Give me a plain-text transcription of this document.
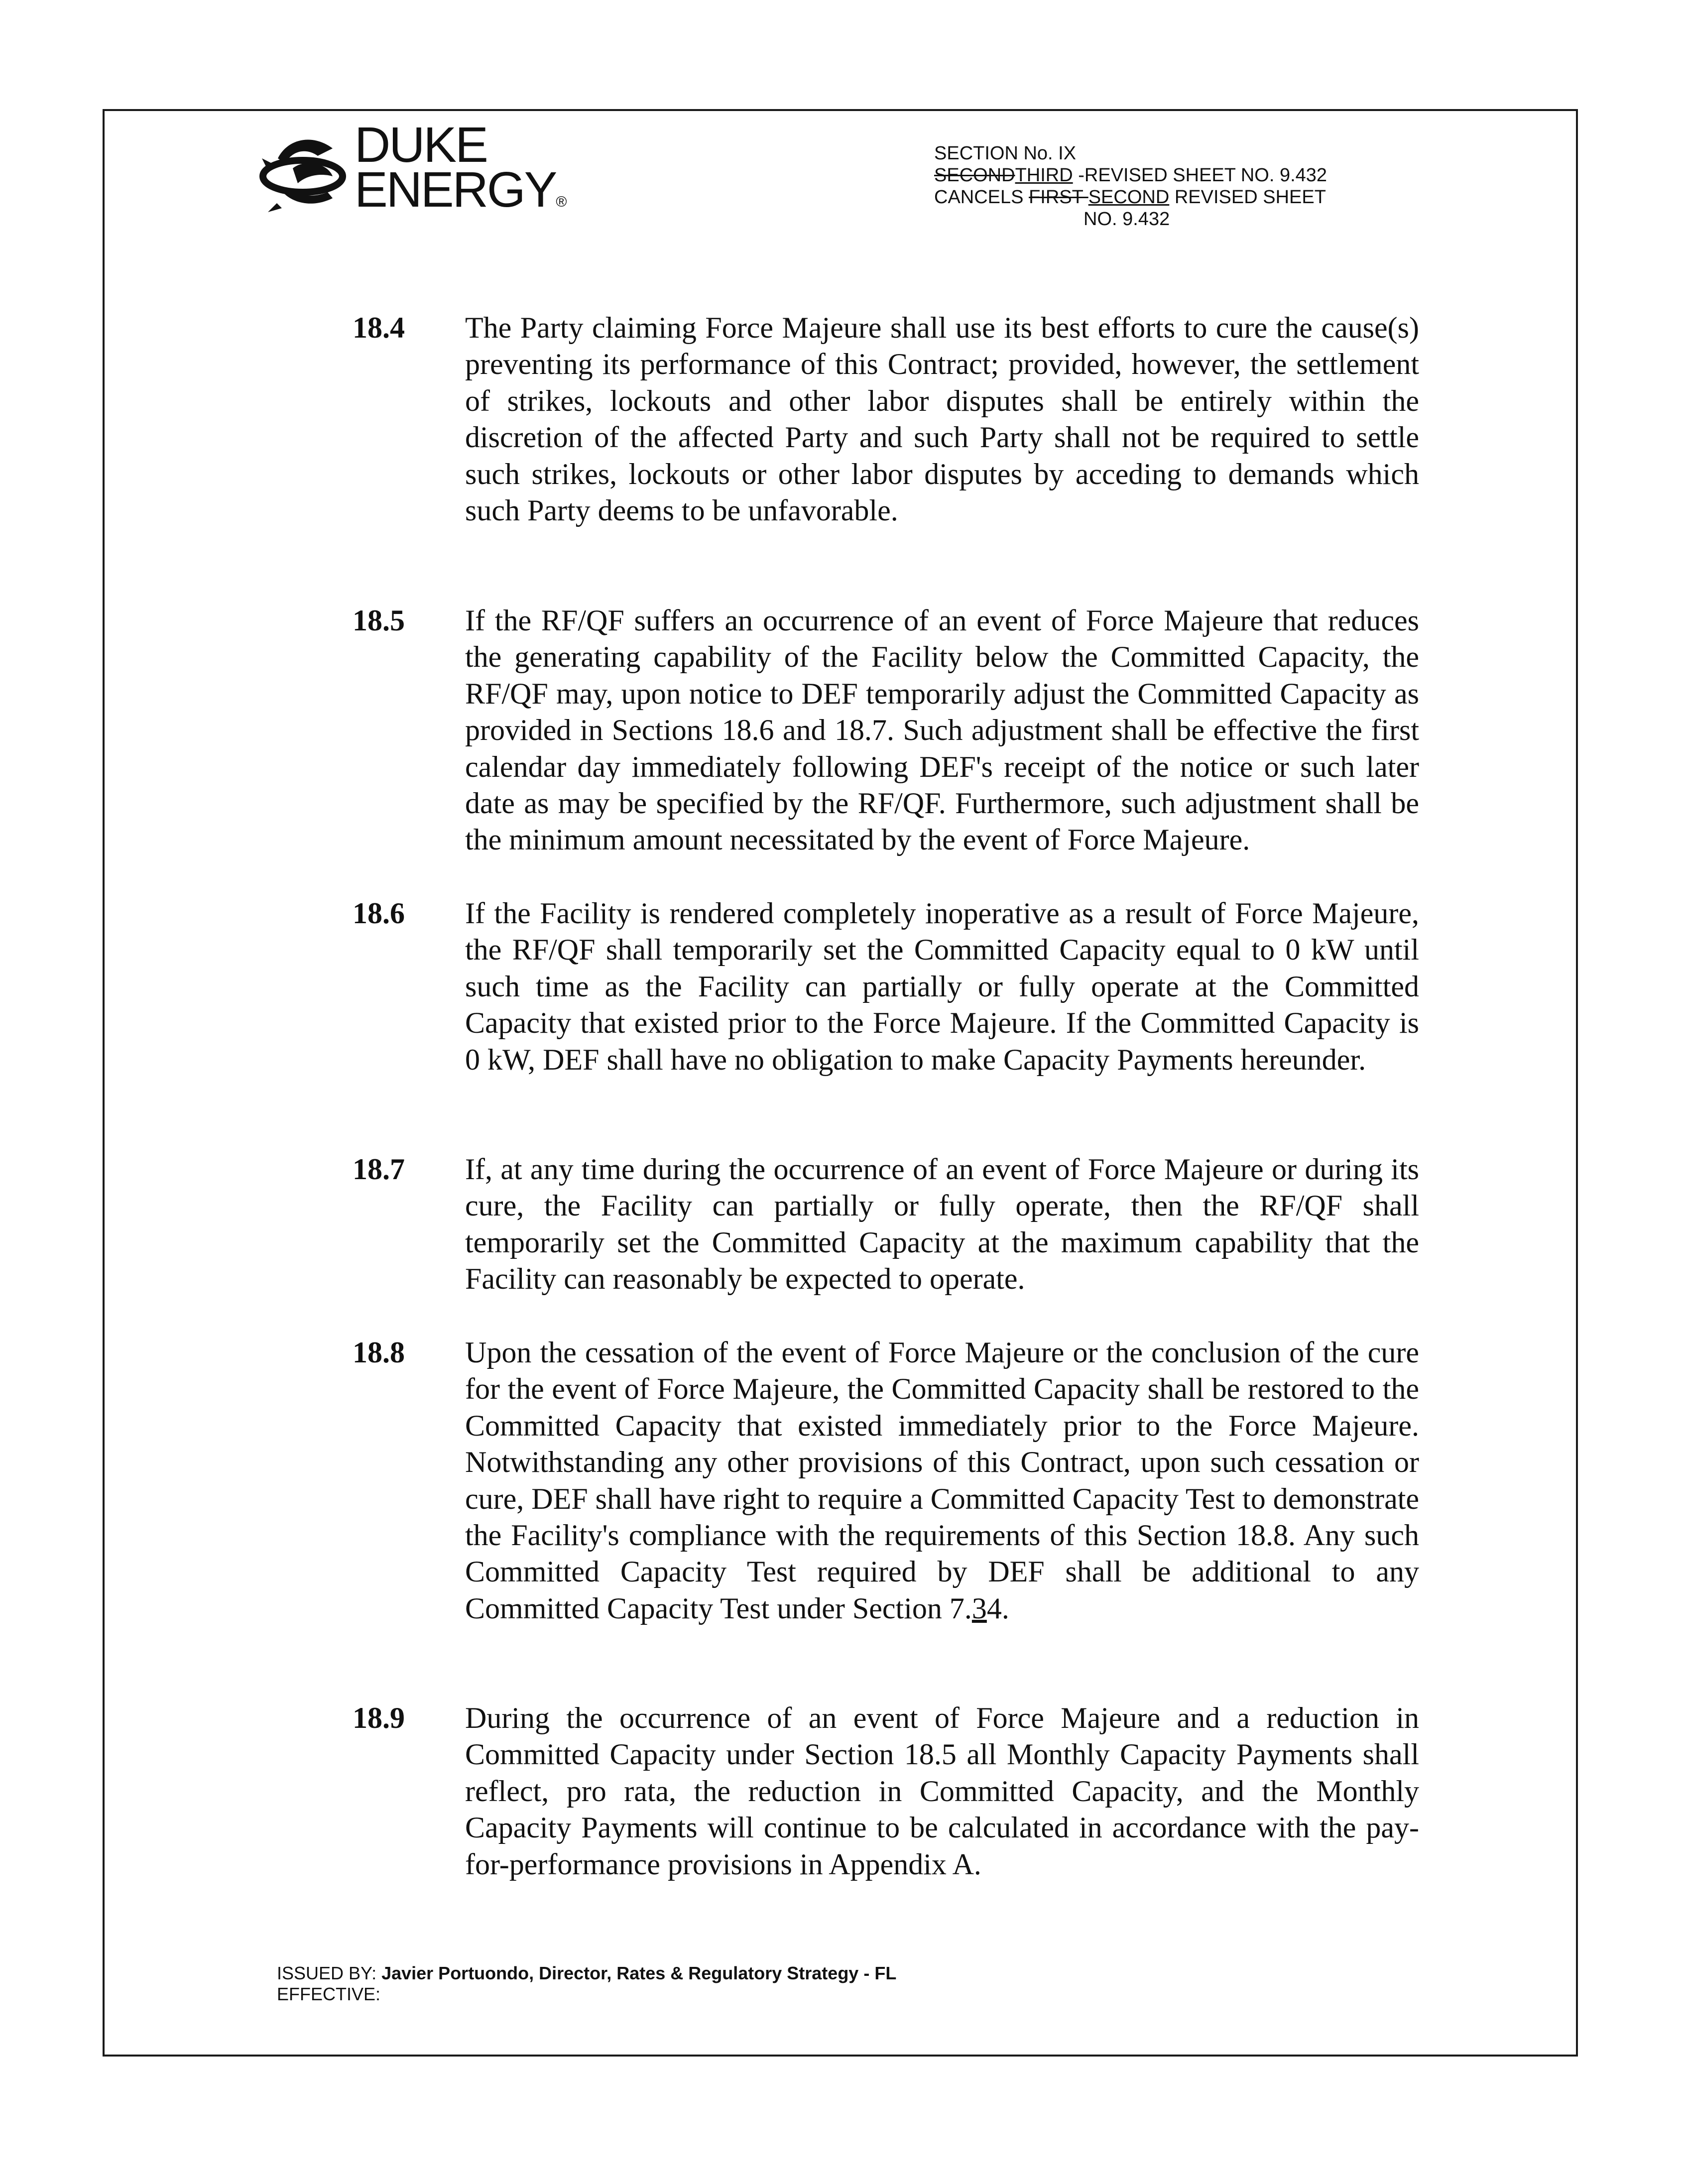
DUKE
ENERGY®
SECTION No. IX
SECONDTHIRD -REVISED SHEET NO. 9.432
CANCELS FIRST SECOND REVISED SHEET
NO. 9.432
18.4	The Party claiming Force Majeure shall use its best efforts to cure the cause(s) preventing its performance of this Contract; provided, however, the settlement of strikes, lockouts and other labor disputes shall be entirely within the discretion of the affected Party and such Party shall not be required to settle such strikes, lockouts or other labor disputes by acceding to demands which such Party deems to be unfavorable.
18.5	If the RF/QF suffers an occurrence of an event of Force Majeure that reduces the generating capability of the Facility below the Committed Capacity, the RF/QF may, upon notice to DEF temporarily adjust the Committed Capacity as provided in Sections 18.6 and 18.7. Such adjustment shall be effective the first calendar day immediately following DEF's receipt of the notice or such later date as may be specified by the RF/QF. Furthermore, such adjustment shall be the minimum amount necessitated by the event of Force Majeure.
18.6	If the Facility is rendered completely inoperative as a result of Force Majeure, the RF/QF shall temporarily set the Committed Capacity equal to 0 kW until such time as the Facility can partially or fully operate at the Committed Capacity that existed prior to the Force Majeure. If the Committed Capacity is 0 kW, DEF shall have no obligation to make Capacity Payments hereunder.
18.7	If, at any time during the occurrence of an event of Force Majeure or during its cure, the Facility can partially or fully operate, then the RF/QF shall temporarily set the Committed Capacity at the maximum capability that the Facility can reasonably be expected to operate.
18.8	Upon the cessation of the event of Force Majeure or the conclusion of the cure for the event of Force Majeure, the Committed Capacity shall be restored to the Committed Capacity that existed immediately prior to the Force Majeure. Notwithstanding any other provisions of this Contract, upon such cessation or cure, DEF shall have right to require a Committed Capacity Test to demonstrate the Facility's compliance with the requirements of this Section 18.8. Any such Committed Capacity Test required by DEF shall be additional to any Committed Capacity Test under Section 7.34.
18.9	During the occurrence of an event of Force Majeure and a reduction in Committed Capacity under Section 18.5 all Monthly Capacity Payments shall reflect, pro rata, the reduction in Committed Capacity, and the Monthly Capacity Payments will continue to be calculated in accordance with the pay-for-performance provisions in Appendix A.
ISSUED BY: Javier Portuondo, Director, Rates & Regulatory Strategy - FL
EFFECTIVE:
